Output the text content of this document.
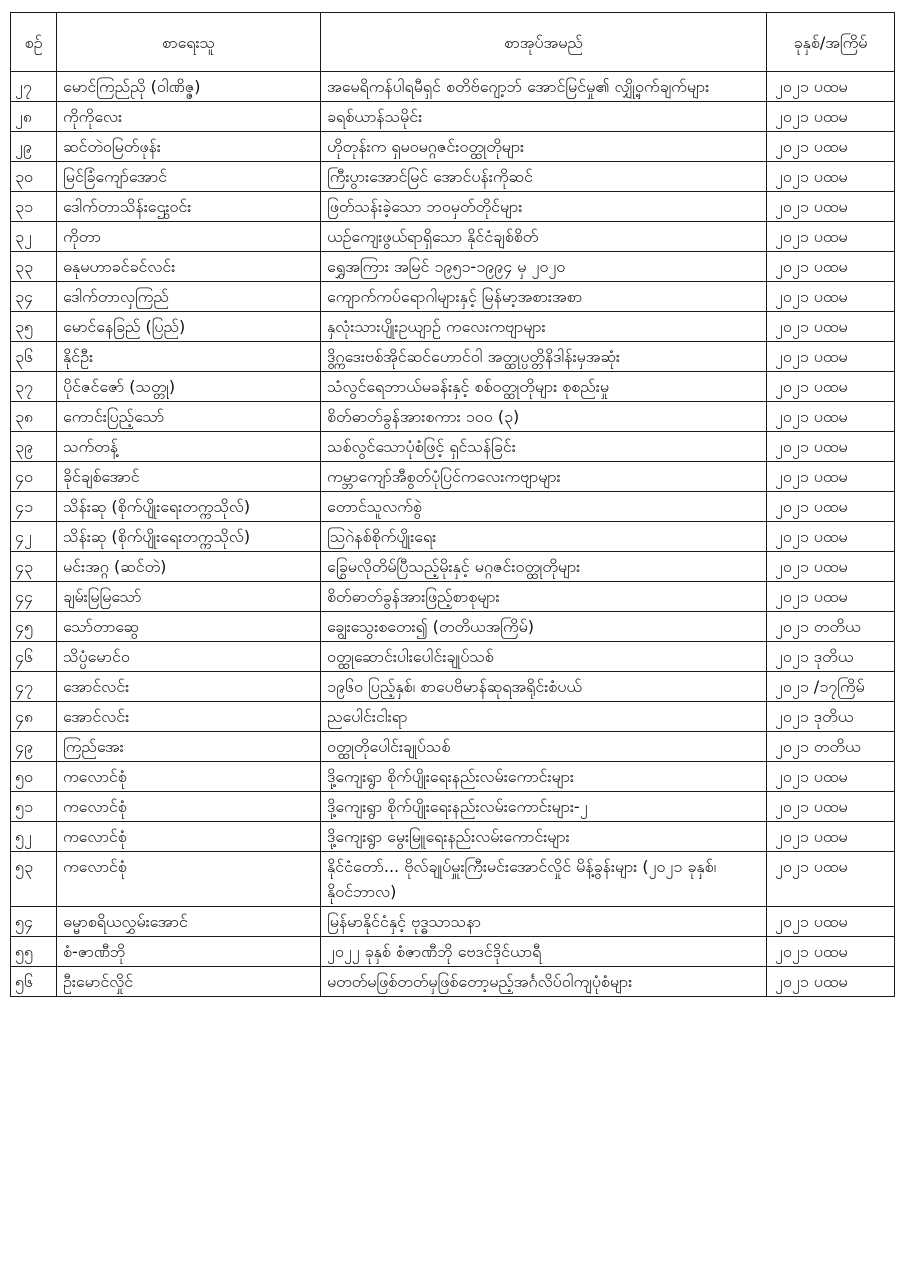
စဉ်	စာရေးသူ	စာအုပ်အမည်	ခုနှစ်/အကြိမ်
၂၇	မောင်ကြည်ညို (ဝါဏိဇ္ဇ)	အမေရိကန်ပါရမီရှင် စတိဗ်ဂျော့ဘ် အောင်မြင်မှု၏ လျှို့ဝှက်ချက်များ	၂၀၂၁ ပထမ
၂၈	ကိုကိုလေး	ခရစ်ယာန်သမိုင်း	၂၀၂၁ ပထမ
၂၉	ဆင်တဲဝမြတ်ဖုန်း	ဟိုတုန်းက ရှမဝမဂ္ဂဇင်းဝတ္ထုတိုများ	၂၀၂၁ ပထမ
၃၀	မြင်ခြံကျော်အောင်	ကြီးပွားအောင်မြင် အောင်ပန်းကိုဆင်	၂၀၂၁ ပထမ
၃၁	ဒေါက်တာသိန်းဌွေးဝင်း	ဖြတ်သန်းခဲ့သော ဘဝမှတ်တိုင်များ	၂၀၂၁ ပထမ
၃၂	ကိုတာ	ယဉ်ကျေးဖွယ်ရာရှိသော နိုင်ငံချစ်စိတ်	၂၀၂၁ ပထမ
၃၃	ဓနုမဟာခင်ခင်လင်း	ရွှေအကြား အမြင် ၁၉၅၁-၁၉၉၄ မှ ၂၀၂၀	၂၀၂၁ ပထမ
၃၄	ဒေါက်တာလှကြည်	ကျောက်ကပ်ရောဂါများနှင့် မြန်မာ့အစားအစာ	၂၀၂၁ ပထမ
၃၅	မောင်နေခြည် (ပြည်)	နှလုံးသားပျိုးဥယျာဉ် ကလေးကဗျာများ	၂၀၂၁ ပထမ
၃၆	နိုင်ဦး	ဒွိဂ္ကဒေးဗစ်အိုင်ဆင်ဟောင်ဝါ အတ္ထုပ္ပတ္တိနိဒါန်းမှအဆုံး	၂၀၂၁ ပထမ
၃၇	ပိုင်ဇင်ဇော် (သတ္တု)	သံလွင်ရေဘာယ်မခန်းနှင့် စစ်ဝတ္ထုတိုများ စုစည်းမှု	၂၀၂၁ ပထမ
၃၈	ကောင်းပြည့်သော်	စိတ်ဓာတ်ခွန်အားစကား ၁၀၀ (၃)	၂၀၂၁ ပထမ
၃၉	သက်တန့်	သစ်လွင်သောပုံစံဖြင့် ရှင်သန်ခြင်း	၂၀၂၁ ပထမ
၄၀	ခိုင်ချစ်အောင်	ကမ္ဘာကျော်အီစွတ်ပုံပြင်ကလေးကဗျာများ	၂၀၂၁ ပထမ
၄၁	သိန်းဆု (စိုက်ပျိုးရေးတက္ကသိုလ်)	တောင်သူလက်စွဲ	၂၀၂၁ ပထမ
၄၂	သိန်းဆု (စိုက်ပျိုးရေးတက္ကသိုလ်)	သြဂဲနစ်စိုက်ပျိုးရေး	၂၀၂၁ ပထမ
၄၃	မင်းအဂ္ဂ (ဆင်တဲ)	ခြွေမလိုတိမ်ပြီသည့်မိုးနှင့် မဂ္ဂဇင်းဝတ္ထုတိုများ	၂၀၂၁ ပထမ
၄၄	ချမ်းမြမြသော်	စိတ်ဓာတ်ခွန်အားဖြည့်စာစုများ	၂၀၂၁ ပထမ
၄၅	သော်တာဆွေ	ချွေးသွေးစတေး၍ (တတိယအကြိမ်)	၂၀၂၁ တတိယ
၄၆	သိပ္ပံမောင်ဝ	ဝတ္ထုဆောင်းပါးပေါင်းချုပ်သစ်	၂၀၂၁ ဒုတိယ
၄၇	အောင်လင်း	၁၉၆၀ ပြည့်နှစ်၊ စာပေဗိမာန်ဆုရအရိုင်းစံပယ်	၂၀၂၁ /၁၇ကြိမ်
၄၈	အောင်လင်း	ညပေါင်းငါးရာ	၂၀၂၁ ဒုတိယ
၄၉	ကြည်အေး	ဝတ္ထုတိုပေါင်းချုပ်သစ်	၂၀၂၁ တတိယ
၅၀	ကလောင်စုံ	ဒို့ကျေးရွာ စိုက်ပျိုးရေးနည်းလမ်းကောင်းများ	၂၀၂၁ ပထမ
၅၁	ကလောင်စုံ	ဒို့ကျေးရွာ စိုက်ပျိုးရေးနည်းလမ်းကောင်းများ-၂	၂၀၂၁ ပထမ
၅၂	ကလောင်စုံ	ဒို့ကျေးရွာ မွေးမြူရေးနည်းလမ်းကောင်းများ	၂၀၂၁ ပထမ
၅၃	ကလောင်စုံ	နိုင်ငံတော်... ဗိုလ်ချုပ်မှူးကြီးမင်းအောင်လှိုင် မိန့်ခွန်းများ (၂၀၂၁ ခုနှစ်၊ နိုဝင်ဘာလ)	၂၀၂၁ ပထမ
၅၄	ဓမ္မာစရိယလွှမ်းအောင်	မြန်မာနိုင်ငံနှင့် ဗုဒ္ဓသာသနာ	၂၀၂၁ ပထမ
၅၅	စံ-ဇာဏီဘို	၂၀၂၂ ခုနှစ် စံဇာဏီဘို ဗေဒင်ဒိုင်ယာရီ	၂၀၂၁ ပထမ
၅၆	ဦးမောင်လှိုင်	မတတ်မဖြစ်တတ်မှဖြစ်တော့မည့်အင်္ဂလိပ်ဝါကျပုံစံများ	၂၀၂၁ ပထမ
